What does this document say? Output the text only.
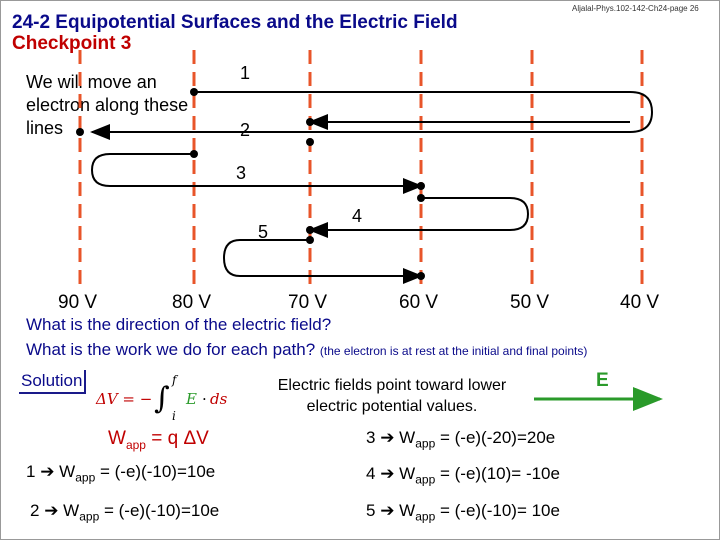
24-2 Equipotential Surfaces and the Electric Field
Checkpoint 3
Aljalal-Phys.102-142-Ch24-page 26
We will move an electron along these lines
ΔV = − ∫
f
i
E · ds
1
2
3
4
5
90 V	80 V	70 V	60 V	50 V	40 V
What is the direction of the electric field?
What is the work we do for each path? (the electron is at rest at the initial and final points)
Solution	Electric fields point toward lower electric potential values.
E
$W_{app} = q$ ΔV	3 ➔ $W_{app} = (-e)(-20)=20e$
1 ➔ $W_{app} = (-e)(-10)=10e$	4 ➔ $W_{app} = (-e)(10)= -10e$
2 ➔ $W_{app} = (-e)(-10)=10e$	5 ➔ $W_{app} = (-e)(-10)= 10e$
